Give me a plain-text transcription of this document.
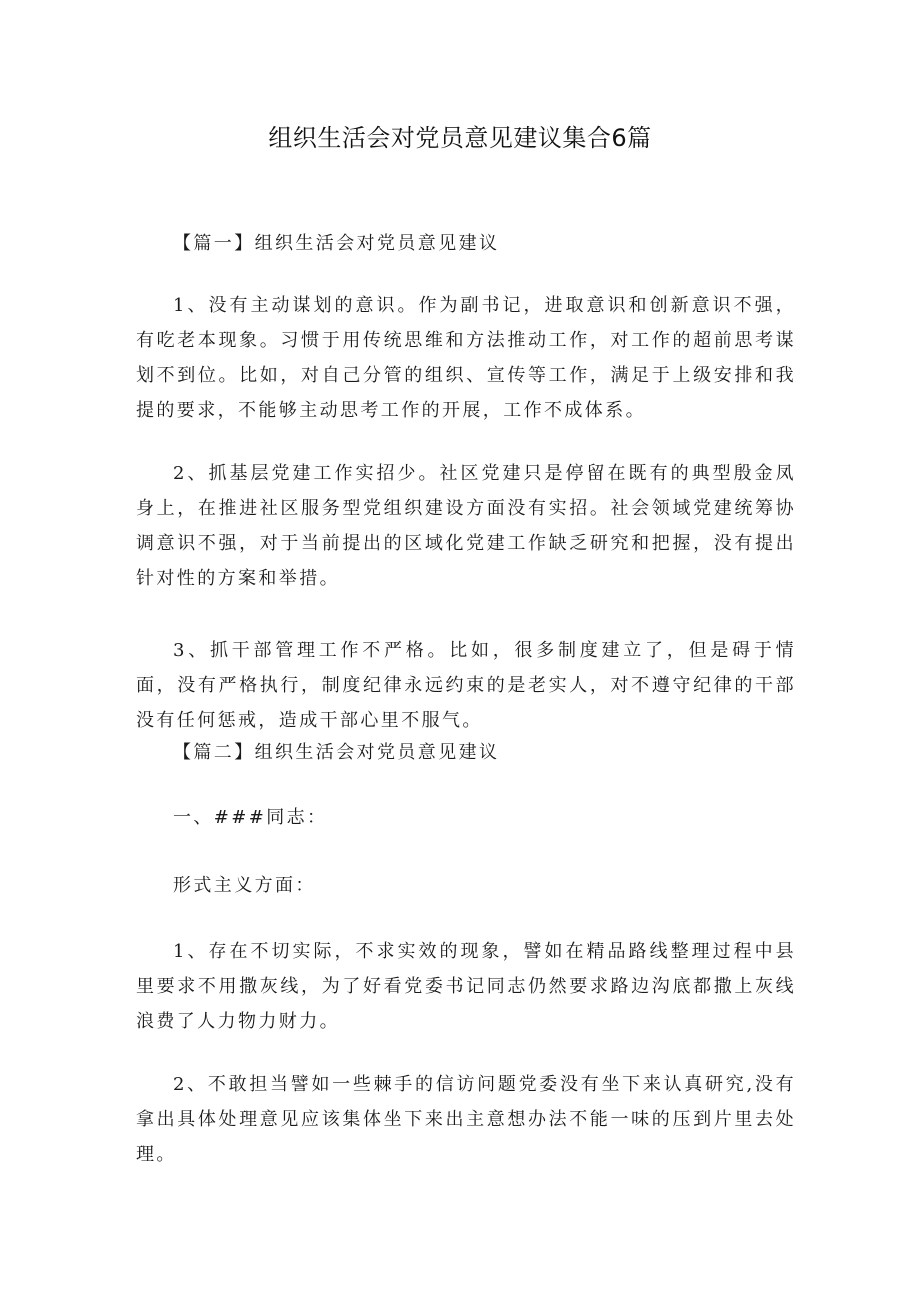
组织生活会对党员意见建议集合6篇

【篇一】组织生活会对党员意见建议

1、没有主动谋划的意识。作为副书记，进取意识和创新意识不强，有吃老本现象。习惯于用传统思维和方法推动工作，对工作的超前思考谋划不到位。比如，对自己分管的组织、宣传等工作，满足于上级安排和我提的要求，不能够主动思考工作的开展，工作不成体系。

2、抓基层党建工作实招少。社区党建只是停留在既有的典型殷金凤身上，在推进社区服务型党组织建设方面没有实招。社会领域党建统筹协调意识不强，对于当前提出的区域化党建工作缺乏研究和把握，没有提出针对性的方案和举措。

3、抓干部管理工作不严格。比如，很多制度建立了，但是碍于情面，没有严格执行，制度纪律永远约束的是老实人，对不遵守纪律的干部没有任何惩戒，造成干部心里不服气。

【篇二】组织生活会对党员意见建议

一、###同志：

形式主义方面：

1、存在不切实际，不求实效的现象，譬如在精品路线整理过程中县里要求不用撒灰线，为了好看党委书记同志仍然要求路边沟底都撒上灰线浪费了人力物力财力。

2、不敢担当譬如一些棘手的信访问题党委没有坐下来认真研究,没有拿出具体处理意见应该集体坐下来出主意想办法不能一味的压到片里去处理。
